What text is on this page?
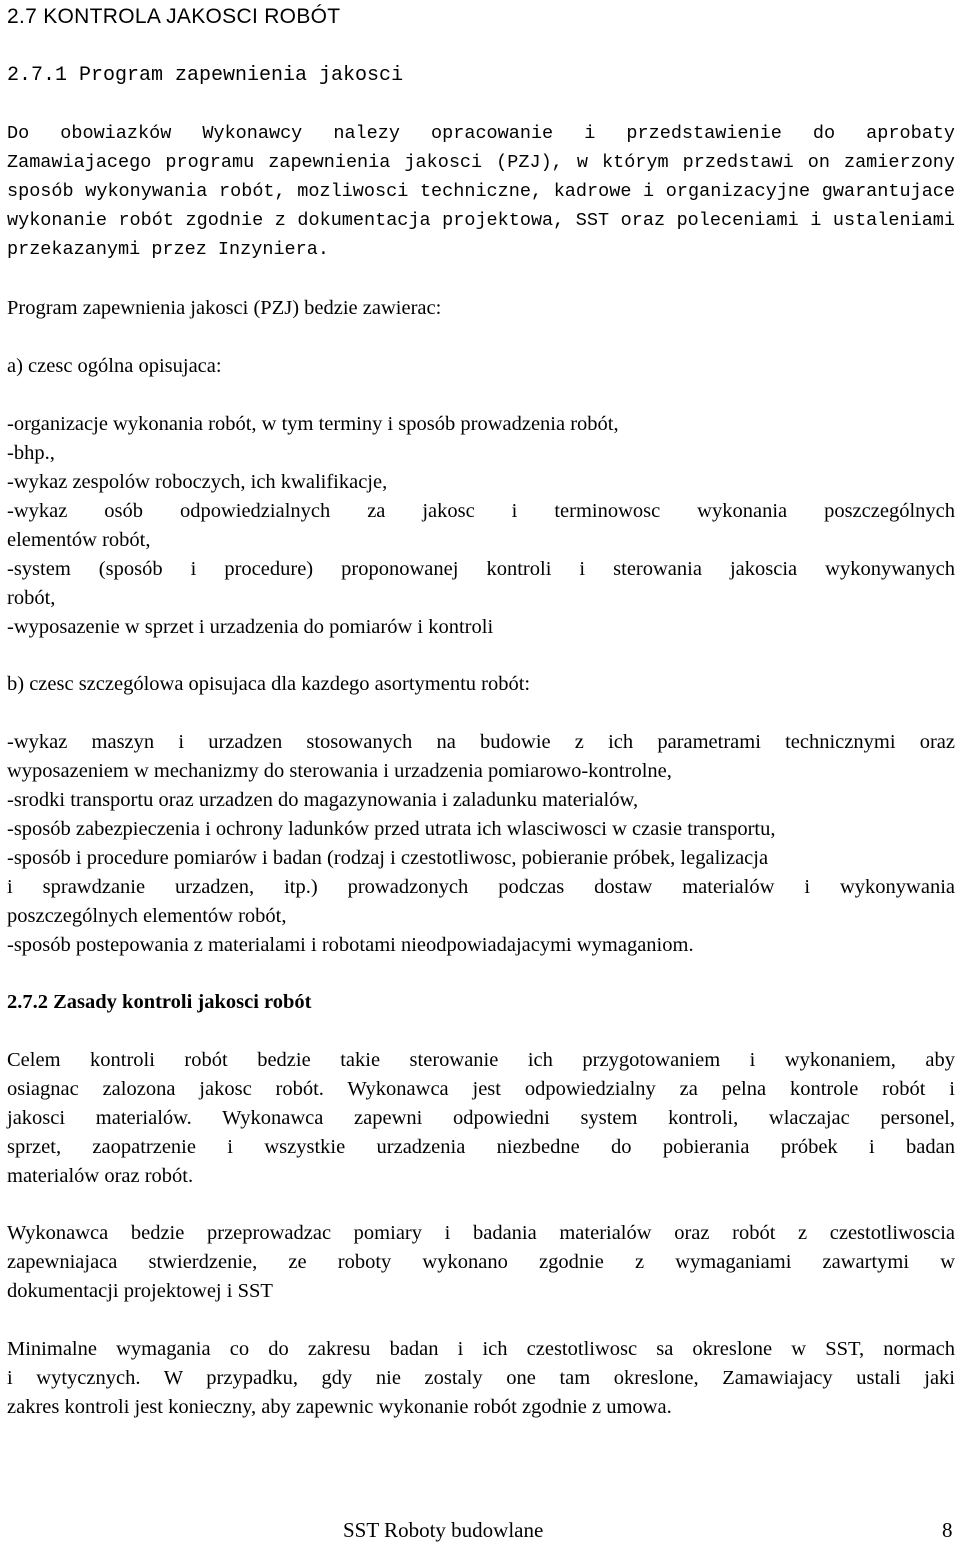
2.7 KONTROLA JAKOSCI ROBÓT
2.7.1 Program zapewnienia jakosci
Do obowiazków Wykonawcy nalezy opracowanie i przedstawienie do aprobaty
Zamawiajacego programu zapewnienia jakosci (PZJ), w którym przedstawi on zamierzony
sposób wykonywania robót, mozliwosci techniczne, kadrowe i organizacyjne gwarantujace
wykonanie robót zgodnie z dokumentacja projektowa, SST oraz poleceniami i ustaleniami
przekazanymi przez Inzyniera.

Program zapewnienia jakosci (PZJ) bedzie zawierac:

a) czesc ogólna opisujaca:

-organizacje wykonania robót, w tym terminy i sposób prowadzenia robót,
-bhp.,
-wykaz zespolów roboczych, ich kwalifikacje,
-wykaz osób odpowiedzialnych za jakosc i terminowosc wykonania poszczególnych
elementów robót,
-system (sposób i procedure) proponowanej kontroli i sterowania jakoscia wykonywanych
robót,
-wyposazenie w sprzet i urzadzenia do pomiarów i kontroli

b) czesc szczególowa opisujaca dla kazdego asortymentu robót:

-wykaz maszyn i urzadzen stosowanych na budowie z ich parametrami technicznymi oraz
wyposazeniem w mechanizmy do sterowania i urzadzenia pomiarowo-kontrolne,
-srodki transportu oraz urzadzen do magazynowania i zaladunku materialów,
-sposób zabezpieczenia i ochrony ladunków przed utrata ich wlasciwosci w czasie transportu,
-sposób i procedure pomiarów i badan (rodzaj i czestotliwosc, pobieranie próbek, legalizacja
i sprawdzanie urzadzen, itp.) prowadzonych podczas dostaw materialów i wykonywania
poszczególnych elementów robót,
-sposób postepowania z materialami i robotami nieodpowiadajacymi wymaganiom.

2.7.2 Zasady kontroli jakosci robót

Celem kontroli robót bedzie takie sterowanie ich przygotowaniem i wykonaniem, aby
osiagnac zalozona jakosc robót. Wykonawca jest odpowiedzialny za pelna kontrole robót i
jakosci materialów. Wykonawca zapewni odpowiedni system kontroli, wlaczajac personel,
sprzet, zaopatrzenie i wszystkie urzadzenia niezbedne do pobierania próbek i badan
materialów oraz robót.
Wykonawca bedzie przeprowadzac pomiary i badania materialów oraz robót z czestotliwoscia
zapewniajaca stwierdzenie, ze roboty wykonano zgodnie z wymaganiami zawartymi w
dokumentacji projektowej i SST
Minimalne wymagania co do zakresu badan i ich czestotliwosc sa okreslone w SST, normach
i wytycznych. W przypadku, gdy nie zostaly one tam okreslone, Zamawiajacy ustali jaki
zakres kontroli jest konieczny, aby zapewnic wykonanie robót zgodnie z umowa.
SST Roboty budowlane	8
